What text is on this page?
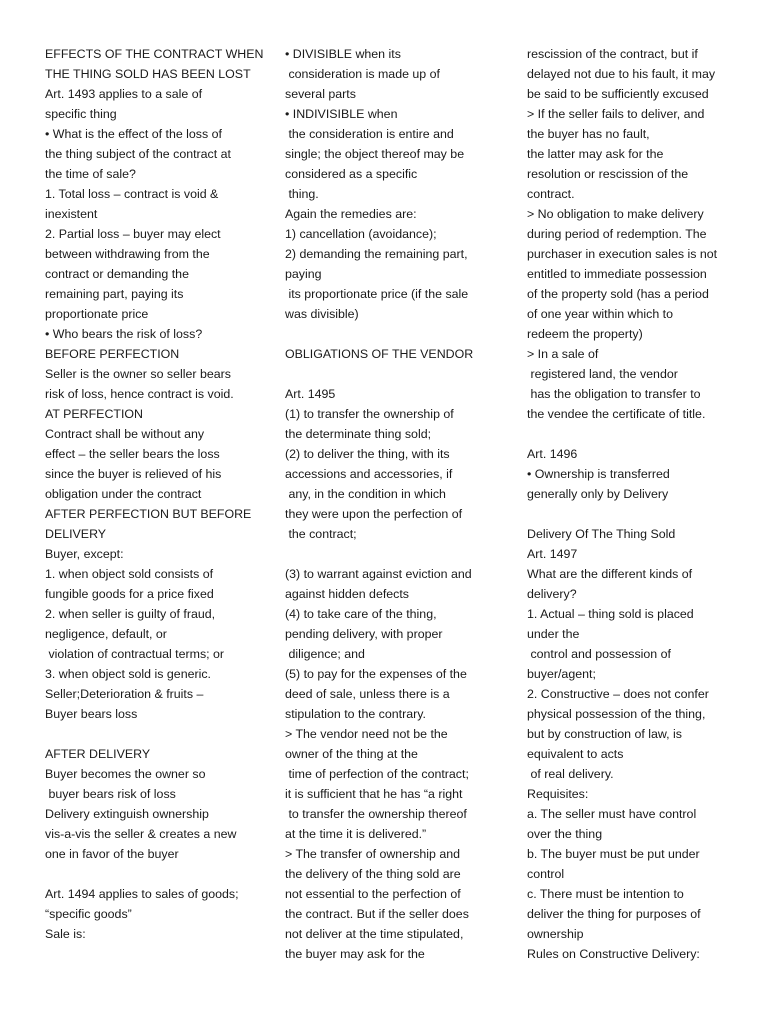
EFFECTS OF THE CONTRACT WHEN
THE THING SOLD HAS BEEN LOST
Art. 1493 applies to a sale of
specific thing
• What is the effect of the loss of
the thing subject of the contract at
the time of sale?
1. Total loss – contract is void &
inexistent
2. Partial loss – buyer may elect
between withdrawing from the
contract or demanding the
remaining part, paying its
proportionate price
• Who bears the risk of loss?
BEFORE PERFECTION
Seller is the owner so seller bears
risk of loss, hence contract is void.
AT PERFECTION
Contract shall be without any
effect – the seller bears the loss
since the buyer is relieved of his
obligation under the contract
AFTER PERFECTION BUT BEFORE
DELIVERY
Buyer, except:
1. when object sold consists of
fungible goods for a price fixed
2. when seller is guilty of fraud,
negligence, default, or
violation of contractual terms; or
3. when object sold is generic.
Seller;Deterioration & fruits –
Buyer bears loss
AFTER DELIVERY
Buyer becomes the owner so
buyer bears risk of loss
Delivery extinguish ownership
vis-a-vis the seller & creates a new
one in favor of the buyer
Art. 1494 applies to sales of goods;
“specific goods”
Sale is:
• DIVISIBLE when its
consideration is made up of
several parts
• INDIVISIBLE when
the consideration is entire and
single; the object thereof may be
considered as a specific
thing.
Again the remedies are:
1) cancellation (avoidance);
2) demanding the remaining part,
paying
its proportionate price (if the sale
was divisible)
OBLIGATIONS OF THE VENDOR
Art. 1495
(1) to transfer the ownership of
the determinate thing sold;
(2) to deliver the thing, with its
accessions and accessories, if
any, in the condition in which
they were upon the perfection of
the contract;
(3) to warrant against eviction and
against hidden defects
(4) to take care of the thing,
pending delivery, with proper
diligence; and
(5) to pay for the expenses of the
deed of sale, unless there is a
stipulation to the contrary.
> The vendor need not be the
owner of the thing at the
time of perfection of the contract;
it is sufficient that he has “a right
to transfer the ownership thereof
at the time it is delivered.”
> The transfer of ownership and
the delivery of the thing sold are
not essential to the perfection of
the contract. But if the seller does
not deliver at the time stipulated,
the buyer may ask for the
rescission of the contract, but if
delayed not due to his fault, it may
be said to be sufficiently excused
> If the seller fails to deliver, and
the buyer has no fault,
the latter may ask for the
resolution or rescission of the
contract.
> No obligation to make delivery
during period of redemption. The
purchaser in execution sales is not
entitled to immediate possession
of the property sold (has a period
of one year within which to
redeem the property)
> In a sale of
registered land, the vendor
has the obligation to transfer to
the vendee the certificate of title.
Art. 1496
• Ownership is transferred
generally only by Delivery
Delivery Of The Thing Sold
Art. 1497
What are the different kinds of
delivery?
1. Actual – thing sold is placed
under the
control and possession of
buyer/agent;
2. Constructive – does not confer
physical possession of the thing,
but by construction of law, is
equivalent to acts
of real delivery.
Requisites:
a. The seller must have control
over the thing
b. The buyer must be put under
control
c. There must be intention to
deliver the thing for purposes of
ownership
Rules on Constructive Delivery:
